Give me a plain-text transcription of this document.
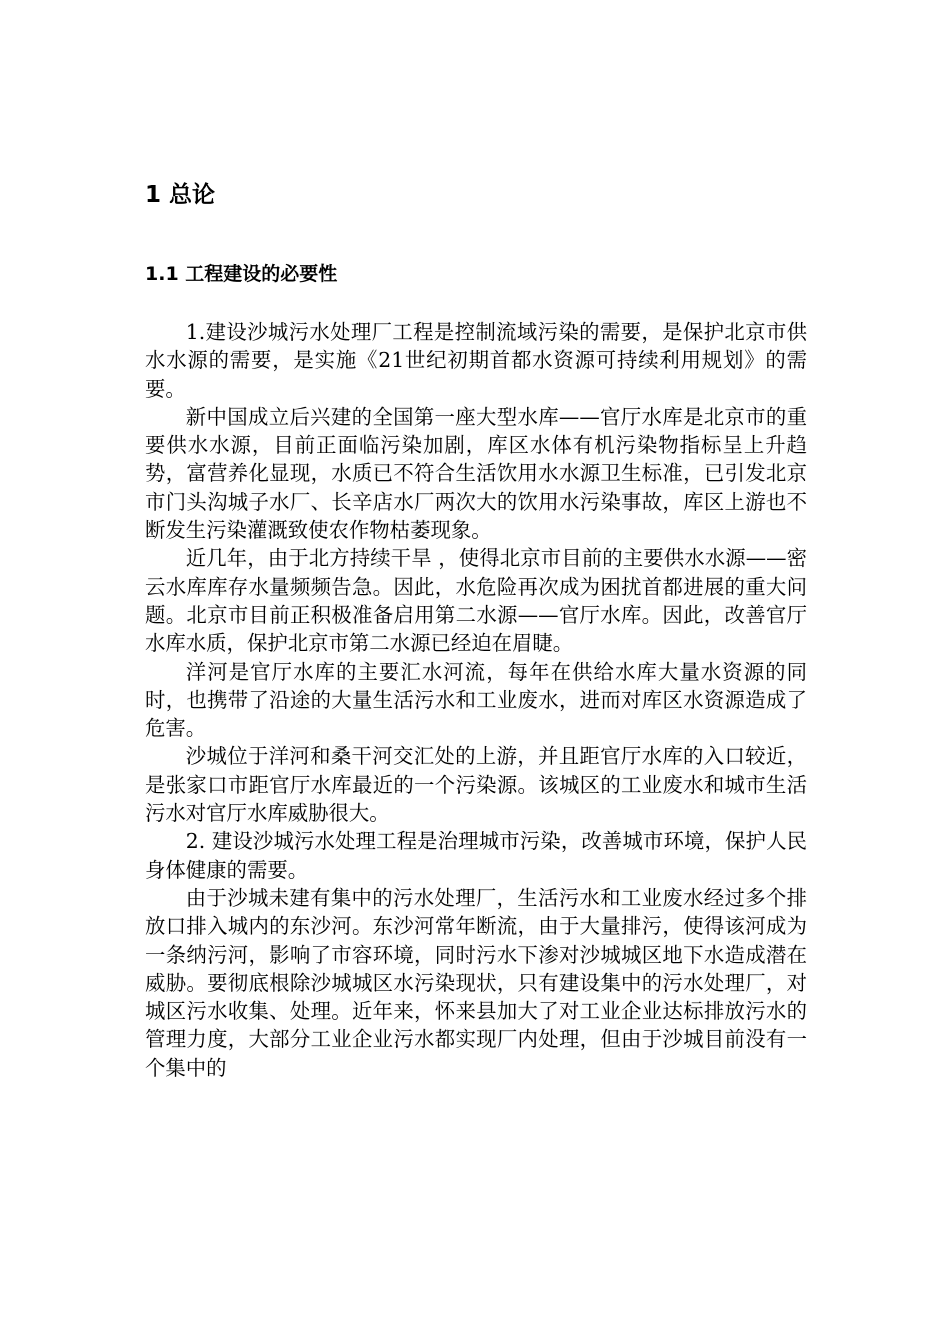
1 总论
1.1 工程建设的必要性

1.建设沙城污水处理厂工程是控制流域污染的需要，是保护北京市供水水源的需要，是实施《21世纪初期首都水资源可持续利用规划》的需要。

新中国成立后兴建的全国第一座大型水库——官厅水库是北京市的重要供水水源，目前正面临污染加剧，库区水体有机污染物指标呈上升趋势，富营养化显现，水质已不符合生活饮用水水源卫生标准，已引发北京市门头沟城子水厂、长辛店水厂两次大的饮用水污染事故，库区上游也不断发生污染灌溉致使农作物枯萎现象。

近几年，由于北方持续干旱 ，使得北京市目前的主要供水水源——密云水库库存水量频频告急。因此，水危险再次成为困扰首都进展的重大问题。北京市目前正积极准备启用第二水源——官厅水库。因此，改善官厅水库水质，保护北京市第二水源已经迫在眉睫。

洋河是官厅水库的主要汇水河流，每年在供给水库大量水资源的同时，也携带了沿途的大量生活污水和工业废水，进而对库区水资源造成了危害。

沙城位于洋河和桑干河交汇处的上游，并且距官厅水库的入口较近，是张家口市距官厅水库最近的一个污染源。该城区的工业废水和城市生活污水对官厅水库威胁很大。

2. 建设沙城污水处理工程是治理城市污染，改善城市环境，保护人民身体健康的需要。

由于沙城未建有集中的污水处理厂，生活污水和工业废水经过多个排放口排入城内的东沙河。东沙河常年断流，由于大量排污，使得该河成为一条纳污河，影响了市容环境，同时污水下渗对沙城城区地下水造成潜在威胁。要彻底根除沙城城区水污染现状，只有建设集中的污水处理厂，对城区污水收集、处理。近年来，怀来县加大了对工业企业达标排放污水的管理力度，大部分工业企业污水都实现厂内处理，但由于沙城目前没有一个集中的
